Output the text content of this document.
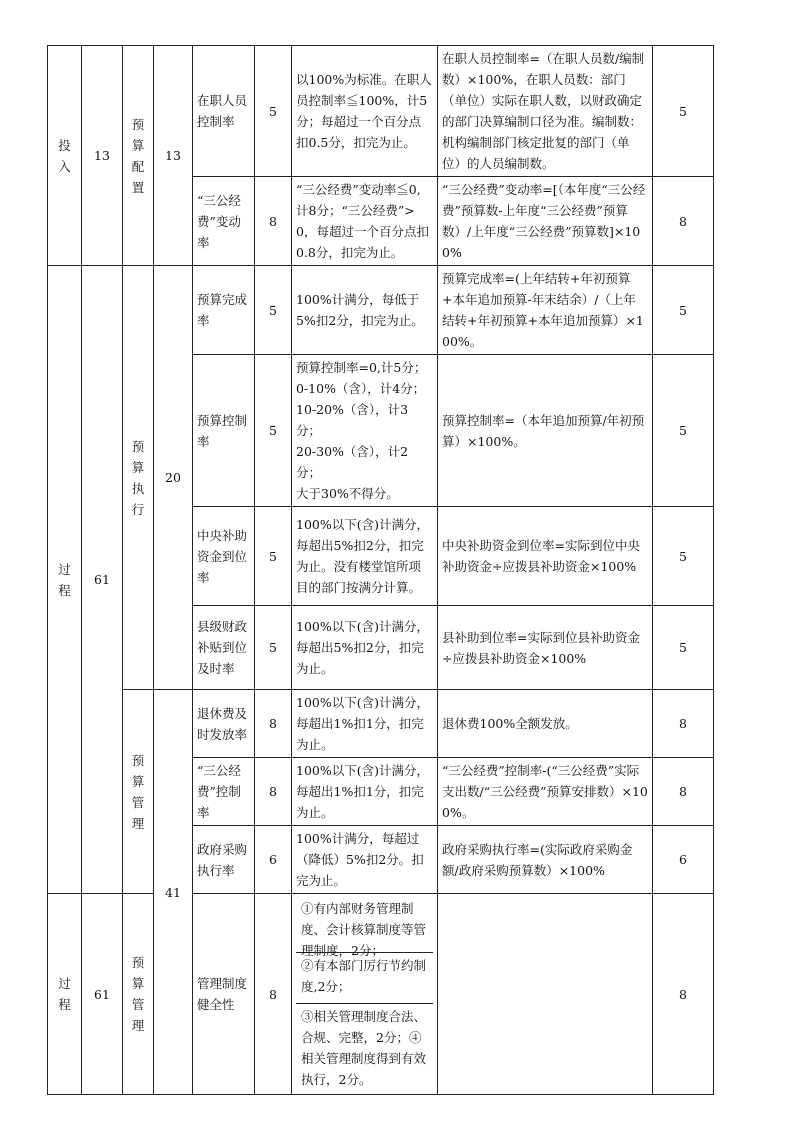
投入	13	预算配置	13	在职人员控制率	5	以100%为标准。在职人员控制率≦100%，计5分；每超过一个百分点扣0.5分，扣完为止。	在职人员控制率=（在职人员数/编制数）×100%，在职人员数：部门（单位）实际在职人数，以财政确定的部门决算编制口径为准。编制数：机构编制部门核定批复的部门（单位）的人员编制数。	5
				“三公经费”变动率	8	“三公经费”变动率≦0,计8分；“三公经费”>0，每超过一个百分点扣0.8分，扣完为止。	“三公经费”变动率=[（本年度“三公经费”预算数-上年度“三公经费”预算数）/上年度“三公经费”预算数]×100%	8

过程	61	预算执行	20	预算完成率	5	100%计满分，每低于5%扣2分，扣完为止。	预算完成率=(上年结转+年初预算+本年追加预算-年末结余）/（上年结转+年初预算+本年追加预算）×100%。	5
				预算控制率	5	预算控制率=0,计5分；
0-10%（含），计4分；
10-20%（含），计3分；
20-30%（含），计2分；
大于30%不得分。	预算控制率=（本年追加预算/年初预算）×100%。	5
				中央补助资金到位率	5	100%以下(含)计满分，每超出5%扣2分，扣完为止。没有楼堂馆所项目的部门按满分计算。	中央补助资金到位率=实际到位中央补助资金÷应拨县补助资金×100%	5
				县级财政补贴到位及时率	5	100%以下(含)计满分，每超出5%扣2分，扣完为止。	县补助到位率=实际到位县补助资金÷应拨县补助资金×100%	5

		预算管理	41	退休费及时发放率	8	100%以下(含)计满分，每超出1%扣1分，扣完为止。	退休费100%全额发放。	8
				“三公经费”控制率	8	100%以下(含)计满分，每超出1%扣1分，扣完为止。	“三公经费”控制率-(“三公经费”实际支出数/“三公经费”预算安排数）×100%。	8
				政府采购执行率	6	100%计满分，每超过（降低）5%扣2分。扣完为止。	政府采购执行率=(实际政府采购金额/政府采购预算数）×100%	6

过程	61	预算管理		管理制度健全性	8	①有内部财务管理制度、会计核算制度等管理制度，2分；
②有本部门厉行节约制度,2分；
③相关管理制度合法、合规、完整，2分；④相关管理制度得到有效执行，2分。		8
